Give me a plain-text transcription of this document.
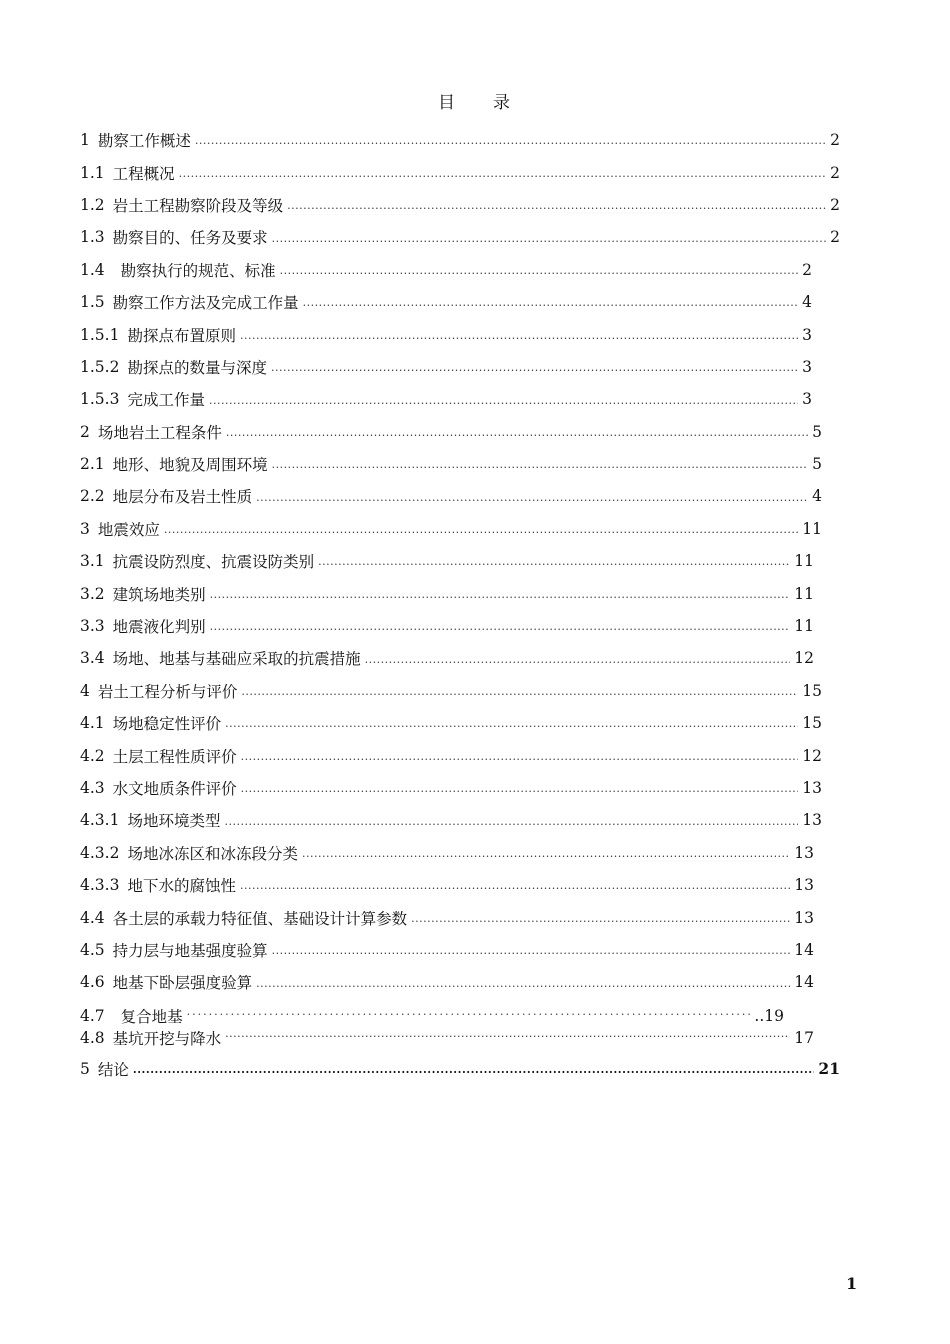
目 录
1 勘察工作概述 .....	2
1.1 工程概况 .....	2
1.2 岩土工程勘察阶段及等级 .....	2
1.3 勘察目的、任务及要求 .....	2
1.4 勘察执行的规范、标准 .....	2
1.5 勘察工作方法及完成工作量 .....	4
1.5.1 勘探点布置原则 .....	3
1.5.2 勘探点的数量与深度 .....	3
1.5.3 完成工作量 .....	3
2 场地岩土工程条件 .....	5
2.1 地形、地貌及周围环境 .....	5
2.2 地层分布及岩土性质 .....	4
3 地震效应 .....	11
3.1 抗震设防烈度、抗震设防类别 .....	11
3.2 建筑场地类别 .....	11
3.3 地震液化判别 .....	11
3.4 场地、地基与基础应采取的抗震措施 .....	12
4 岩土工程分析与评价 .....	15
4.1 场地稳定性评价 .....	15
4.2 土层工程性质评价 .....	12
4.3 水文地质条件评价 .....	13
4.3.1 场地环境类型 .....	13
4.3.2 场地冰冻区和冰冻段分类 .....	13
4.3.3 地下水的腐蚀性 .....	13
4.4 各土层的承载力特征值、基础设计计算参数 .....	13
4.5 持力层与地基强度验算 .....	14
4.6 地基下卧层强度验算 .....	14
4.7 复合地基 .....	..19
4.8 基坑开挖与降水 .....	17
5 结论 .....	21
1
